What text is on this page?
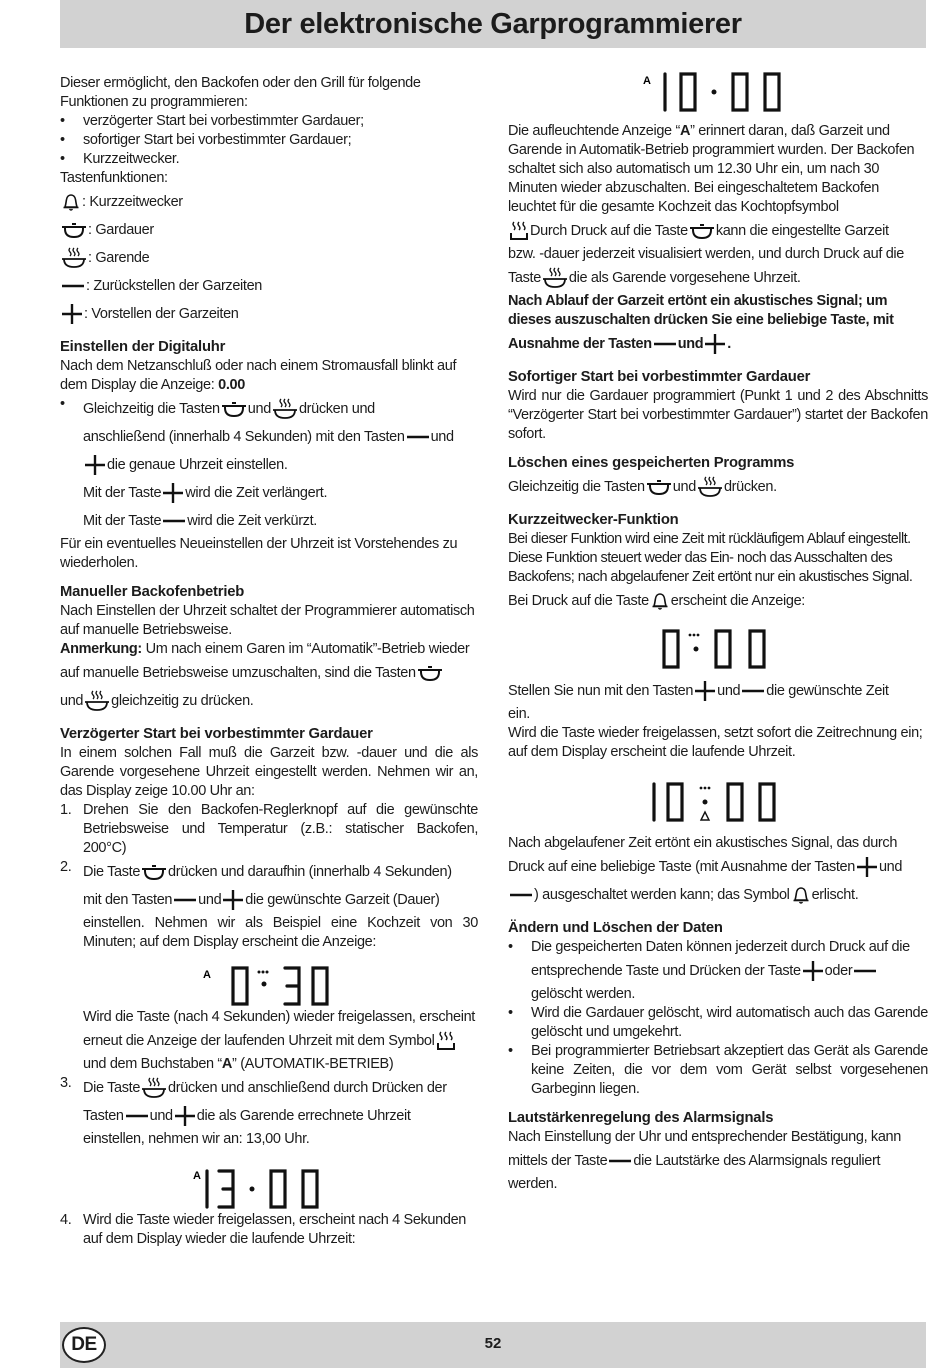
Der elektronische Garprogrammierer

Dieser ermöglicht, den Backofen oder den Grill für folgende Funktionen zu programmieren:

•	verzögerter Start bei vorbestimmter Gardauer;
•	sofortiger Start bei vorbestimmter Gardauer;
•	Kurzzeitwecker.

Tastenfunktionen:

: Kurzzeitwecker
: Gardauer
: Garende
: Zurückstellen der Garzeiten
: Vorstellen der Garzeiten

Einstellen der Digitaluhr

Nach dem Netzanschluß oder nach einem Stromausfall blinkt auf dem Display die Anzeige: 0.00

•	Gleichzeitig die Tasten und drücken und
anschließend (innerhalb 4 Sekunden) mit den Tasten und
die genaue Uhrzeit einstellen.
Mit der Taste wird die Zeit verlängert.
Mit der Taste wird die Zeit verkürzt.

Für ein eventuelles Neueinstellen der Uhrzeit ist Vorstehendes zu wiederholen.

Manueller Backofenbetrieb

Nach Einstellen der Uhrzeit schaltet der Programmierer automatisch auf manuelle Betriebsweise.

Anmerkung: Um nach einem Garen im “Automatik”-Betrieb wieder

auf manuelle Betriebsweise umzuschalten, sind die Tasten
und gleichzeitig zu drücken.

Verzögerter Start bei vorbestimmter Gardauer

In einem solchen Fall muß die Garzeit bzw. -dauer und die als Garende vorgesehene Uhrzeit eingestellt werden. Nehmen wir an, das Display zeige 10.00 Uhr an:

1. Drehen Sie den Backofen-Reglerknopf auf die gewünschte Betriebsweise und Temperatur (z.B.: statischer Backofen, 200°C)
2. Die Taste drücken und daraufhin (innerhalb 4 Sekunden)
mit den Tasten und die gewünschte Garzeit (Dauer)
einstellen. Nehmen wir als Beispiel eine Kochzeit von 30 Minuten; auf dem Display erscheint die Anzeige:
A
Wird die Taste (nach 4 Sekunden) wieder freigelassen, erscheint
erneut die Anzeige der laufenden Uhrzeit mit dem Symbol
und dem Buchstaben “A” (AUTOMATIK-BETRIEB)
3. Die Taste drücken und anschließend durch Drücken der
Tasten und die als Garende errechnete Uhrzeit
einstellen, nehmen wir an: 13,00 Uhr.
A
4. Wird die Taste wieder freigelassen, erscheint nach 4 Sekunden auf dem Display wieder die laufende Uhrzeit:
A

Die aufleuchtende Anzeige “A” erinnert daran, daß Garzeit und Garende in Automatik-Betrieb programmiert wurden. Der Backofen schaltet sich also automatisch um 12.30 Uhr ein, um nach 30 Minuten wieder abzuschalten. Bei eingeschaltetem Backofen leuchtet für die gesamte Kochzeit das Kochtopfsymbol

Durch Druck auf die Taste kann die eingestellte Garzeit

bzw. -dauer jederzeit visualisiert werden, und durch Druck auf die

Taste die als Garende vorgesehene Uhrzeit.

Nach Ablauf der Garzeit ertönt ein akustisches Signal; um dieses auszuschalten drücken Sie eine beliebige Taste, mit

Ausnahme der Tasten und .

Sofortiger Start bei vorbestimmter Gardauer

Wird nur die Gardauer programmiert (Punkt 1 und 2 des Abschnitts “Verzögerter Start bei vorbestimmter Gardauer”) startet der Backofen sofort.

Löschen eines gespeicherten Programms

Gleichzeitig die Tasten und drücken.

Kurzzeitwecker-Funktion

Bei dieser Funktion wird eine Zeit mit rückläufigem Ablauf eingestellt. Diese Funktion steuert weder das Ein- noch das Ausschalten des Backofens; nach abgelaufener Zeit ertönt nur ein akustisches Signal.

Bei Druck auf die Taste erscheint die Anzeige:
Stellen Sie nun mit den Tasten und die gewünschte Zeit

ein.

Wird die Taste wieder freigelassen, setzt sofort die Zeitrechnung ein; auf dem Display erscheint die laufende Uhrzeit.

Nach abgelaufener Zeit ertönt ein akustisches Signal, das durch

Druck auf eine beliebige Taste (mit Ausnahme der Tasten und
) ausgeschaltet werden kann; das Symbol erlischt.

Ändern und Löschen der Daten

•	Die gespeicherten Daten können jederzeit durch Druck auf die
entsprechende Taste und Drücken der Taste oder
gelöscht werden.
•	Wird die Gardauer gelöscht, wird automatisch auch das Garende gelöscht und umgekehrt.
•	Bei programmierter Betriebsart akzeptiert das Gerät als Garende keine Zeiten, die vor dem vom Gerät selbst vorgesehenen Garbeginn liegen.

Lautstärkenregelung des Alarmsignals

Nach Einstellung der Uhr und entsprechender Bestätigung, kann

mittels der Taste die Lautstärke des Alarmsignals reguliert

werden.

DE	52
